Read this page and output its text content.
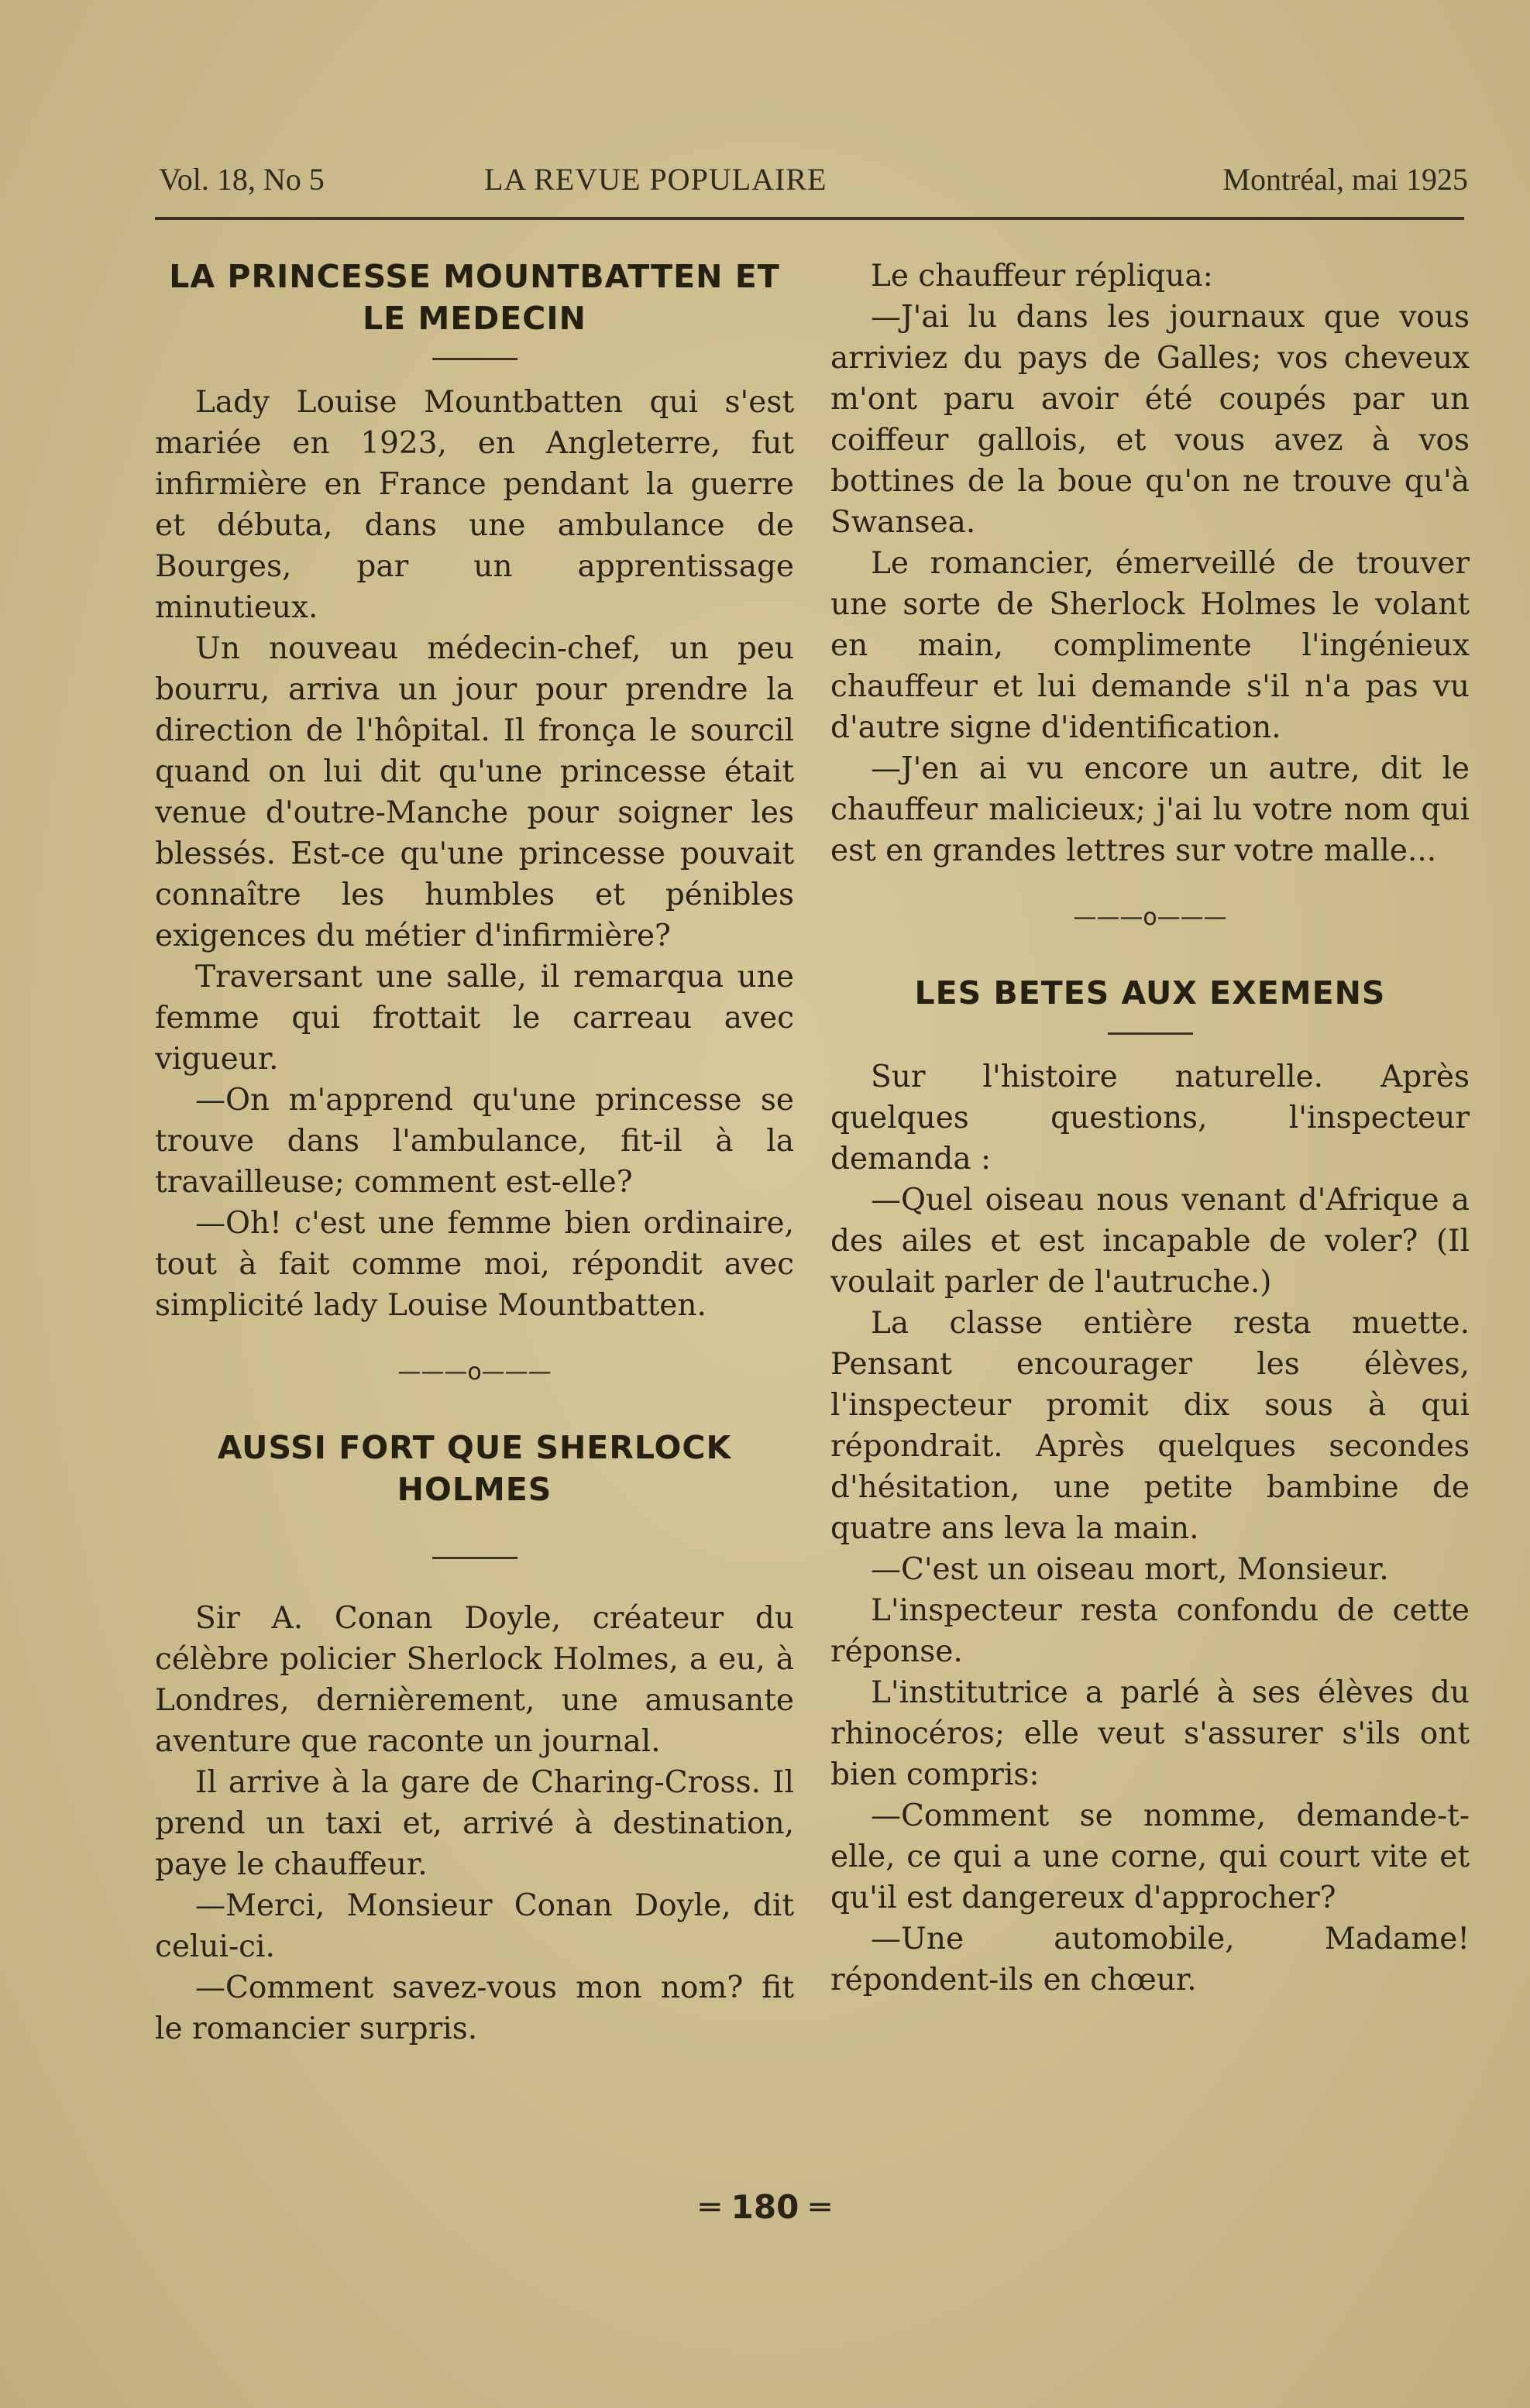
Vol. 18, No 5	LA REVUE POPULAIRE	Montréal, mai 1925
LA PRINCESSE MOUNTBATTEN ET LE MEDECIN

Lady Louise Mountbatten qui s'est mariée en 1923, en Angleterre, fut infirmière en France pendant la guerre et débuta, dans une ambulance de Bourges, par un apprentissage minutieux.

Un nouveau médecin-chef, un peu bourru, arriva un jour pour prendre la direction de l'hôpital. Il fronça le sourcil quand on lui dit qu'une princesse était venue d'outre-Manche pour soigner les blessés. Est-ce qu'une princesse pouvait connaître les humbles et pénibles exigences du métier d'infirmière?

Traversant une salle, il remarqua une femme qui frottait le carreau avec vigueur.

—On m'apprend qu'une princesse se trouve dans l'ambulance, fit-il à la travailleuse; comment est-elle?

—Oh! c'est une femme bien ordinaire, tout à fait comme moi, répondit avec simplicité lady Louise Mountbatten.

———o———
AUSSI FORT QUE SHERLOCK HOLMES

Sir A. Conan Doyle, créateur du célèbre policier Sherlock Holmes, a eu, à Londres, dernièrement, une amusante aventure que raconte un journal.

Il arrive à la gare de Charing-Cross. Il prend un taxi et, arrivé à destination, paye le chauffeur.

—Merci, Monsieur Conan Doyle, dit celui-ci.

—Comment savez-vous mon nom? fit le romancier surpris.

Le chauffeur répliqua:

—J'ai lu dans les journaux que vous arriviez du pays de Galles; vos cheveux m'ont paru avoir été coupés par un coiffeur gallois, et vous avez à vos bottines de la boue qu'on ne trouve qu'à Swansea.

Le romancier, émerveillé de trouver une sorte de Sherlock Holmes le volant en main, complimente l'ingénieux chauffeur et lui demande s'il n'a pas vu d'autre signe d'identification.

—J'en ai vu encore un autre, dit le chauffeur malicieux; j'ai lu votre nom qui est en grandes lettres sur votre malle...

———o———
LES BETES AUX EXEMENS

Sur l'histoire naturelle. Après quelques questions, l'inspecteur demanda :

—Quel oiseau nous venant d'Afrique a des ailes et est incapable de voler? (Il voulait parler de l'autruche.)

La classe entière resta muette. Pensant encourager les élèves, l'inspecteur promit dix sous à qui répondrait. Après quelques secondes d'hésitation, une petite bambine de quatre ans leva la main.

—C'est un oiseau mort, Monsieur.

L'inspecteur resta confondu de cette réponse.

L'institutrice a parlé à ses élèves du rhinocéros; elle veut s'assurer s'ils ont bien compris:

—Comment se nomme, demande-t-elle, ce qui a une corne, qui court vite et qu'il est dangereux d'approcher?

—Une automobile, Madame! répondent-ils en chœur.

═ 180 ═
